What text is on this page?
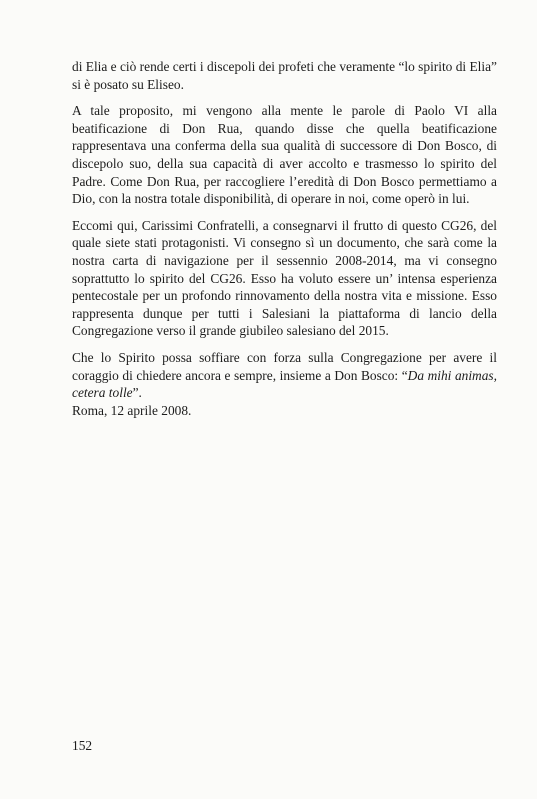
di Elia e ciò rende certi i discepoli dei profeti che veramente “lo spirito di Elia” si è posato su Eliseo.

A tale proposito, mi vengono alla mente le parole di Paolo VI alla beatificazione di Don Rua, quando disse che quella beatificazione rappresentava una conferma della sua qualità di successore di Don Bosco, di discepolo suo, della sua capacità di aver accolto e trasmesso lo spirito del Padre. Come Don Rua, per raccogliere l’eredità di Don Bosco permettiamo a Dio, con la nostra totale disponibilità, di operare in noi, come operò in lui.

Eccomi qui, Carissimi Confratelli, a consegnarvi il frutto di questo CG26, del quale siete stati protagonisti. Vi consegno sì un documento, che sarà come la nostra carta di navigazione per il sessennio 2008-2014, ma vi consegno soprattutto lo spirito del CG26. Esso ha voluto essere un’ intensa esperienza pentecostale per un profondo rinnovamento della nostra vita e missione. Esso rappresenta dunque per tutti i Salesiani la piattaforma di lancio della Congregazione verso il grande giubileo salesiano del 2015.

Che lo Spirito possa soffiare con forza sulla Congregazione per avere il coraggio di chiedere ancora e sempre, insieme a Don Bosco: “Da mihi animas, cetera tolle”.

Roma, 12 aprile 2008.
152
